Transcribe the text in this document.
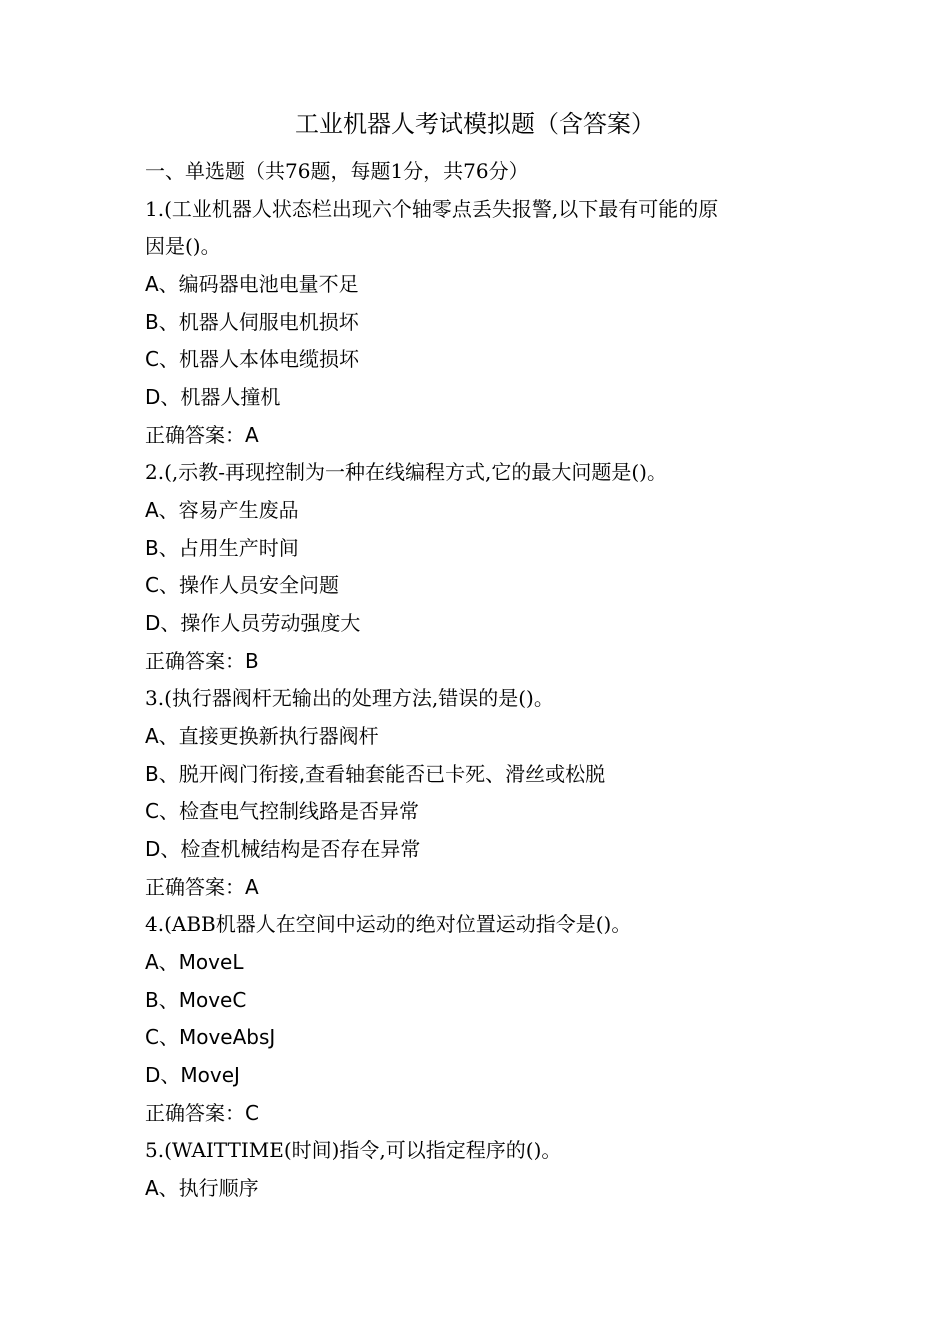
工业机器人考试模拟题（含答案）
一、单选题（共76题，每题1分，共76分）
1.(工业机器人状态栏出现六个轴零点丢失报警,以下最有可能的原
因是()。
A、编码器电池电量不足
B、机器人伺服电机损坏
C、机器人本体电缆损坏
D、机器人撞机
正确答案：A
2.(,示教-再现控制为一种在线编程方式,它的最大问题是()。
A、容易产生废品
B、占用生产时间
C、操作人员安全问题
D、操作人员劳动强度大
正确答案：B
3.(执行器阀杆无输出的处理方法,错误的是()。
A、直接更换新执行器阀杆
B、脱开阀门衔接,查看轴套能否已卡死、滑丝或松脱
C、检查电气控制线路是否异常
D、检查机械结构是否存在异常
正确答案：A
4.(ABB机器人在空间中运动的绝对位置运动指令是()。
A、MoveL
B、MoveC
C、MoveAbsJ
D、MoveJ
正确答案：C
5.(WAITTIME(时间)指令,可以指定程序的()。
A、执行顺序
